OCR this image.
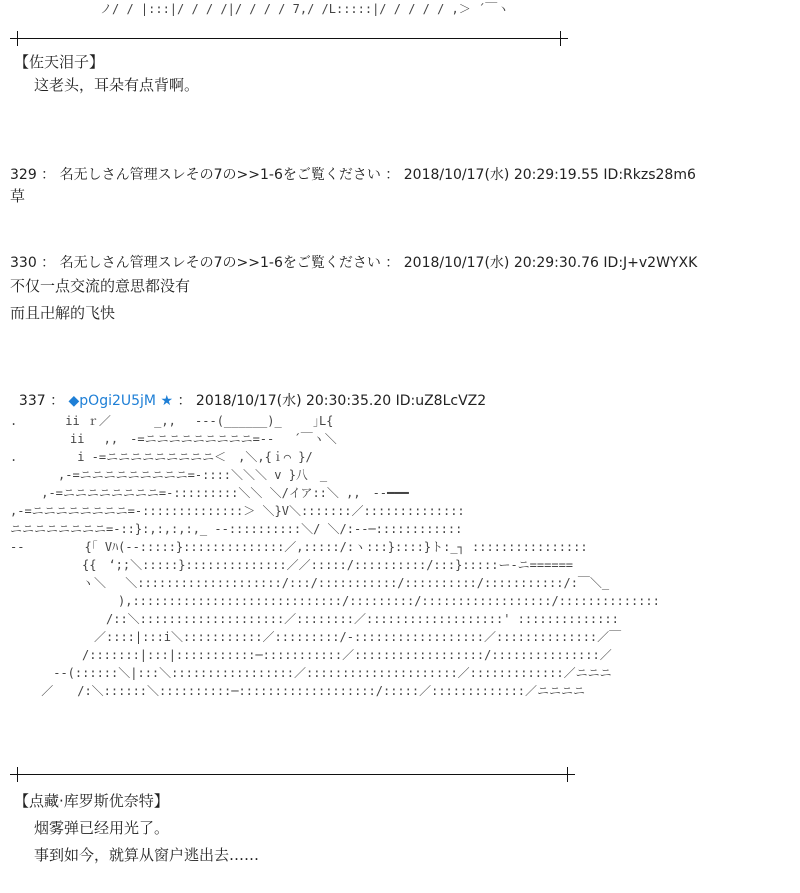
ノ/ / |:::|/ / / /|/ / / / 7,/ /L:::::|/ / / / / ,＞ ´￣ヽ
【佐天泪子】
这老头，耳朵有点背啊。
329 ： 名无しさん管理スレその7の>>1-6をご覧ください ： 2018/10/17(水) 20:29:19.55 ID:Rkzs28m6
草
330 ： 名无しさん管理スレその7の>>1-6をご覧ください ： 2018/10/17(水) 20:29:30.76 ID:J+v2WYXK
不仅一点交流的意思都没有
而且卍解的飞快

337 ： ◆pOgi2U5jM ★ ： 2018/10/17(水) 20:30:35.20 ID:uZ8LcVZ2

.　　　　ii ｒ／　　　 _,,　 ---(______)_　　 ｣L{
　　　　　ii　 ,,　-=ニニニニニニニニニ=-- 　´￣ヽ＼
.　　　　　i -=ニニニニニニニニニ＜　,＼,{ｉ⌒ }/
　　　　,-=ニニニニニニニニニ=-::::＼＼＼ v }八　_
　 　,-=ニニニニニニニニ=-:::::::::＼＼ ＼/イア::＼ ,,　--━━━
,-=ニニニニニニニニ=-::::::::::::::＞ ＼}V＼:::::::／::::::::::::::
ニニニニニニニニ=-::}:,:,:,:,_ --::::::::::＼/ ＼/:--─::::::::::::
--　　　　　{「 Vﾊ(--:::::}::::::::::::::／,:::::/:ヽ:::}::::}ト:_┐ ::::::::::::::::
　　　　　　{{　‘;;＼:::::}::::::::::::::／／:::::/::::::::::/:::}:::::ー-ニ======
　　　　　　ヽ＼　 ＼::::::::::::::::::::/:::/:::::::::::/::::::::::/:::::::::::/:￣＼_
　　　　　　　　　),:::::::::::::::::::::::::::::/:::::::::/::::::::::::::::::/::::::::::::::
　　　　　　　　/::＼::::::::::::::::::::／::::::::／:::::::::::::::::::' ::::::::::::::
　　　　　　　／::::|:::i＼:::::::::::／:::::::::/-::::::::::::::::::／::::::::::::::／￣
　　　　　　/:::::::|:::|:::::::::::─:::::::::::／::::::::::::::::::/:::::::::::::::／
　　　 --(::::::＼|:::＼:::::::::::::::::／:::::::::::::::::::::／:::::::::::::／ニニニ
　　 ／　　/:＼::::::＼::::::::::─:::::::::::::::::::/:::::／:::::::::::::／ニニニニ
【点藏·库罗斯优奈特】
烟雾弹已经用光了。
事到如今，就算从窗户逃出去……
